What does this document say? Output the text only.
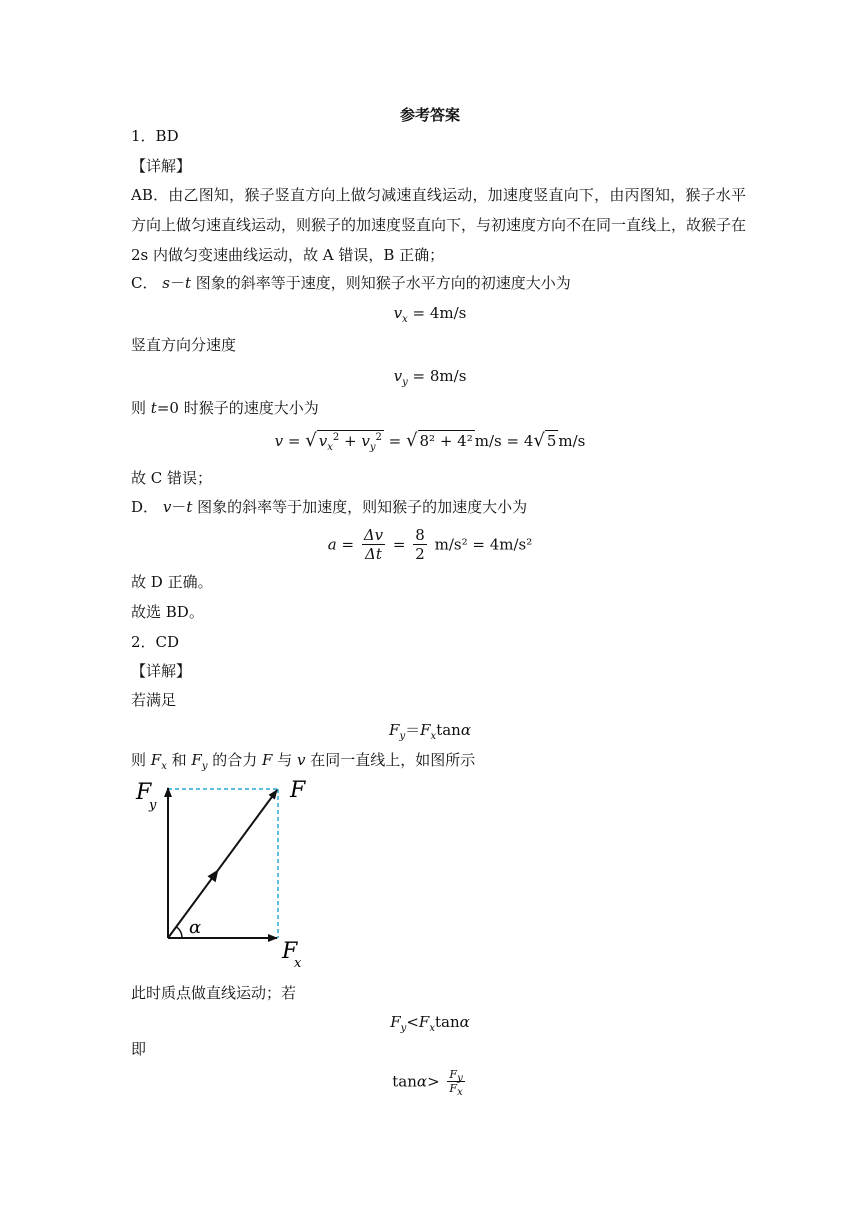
参考答案
1．BD
【详解】
AB．由乙图知，猴子竖直方向上做匀减速直线运动，加速度竖直向下，由丙图知，猴子水平方向上做匀速直线运动，则猴子的加速度竖直向下，与初速度方向不在同一直线上，故猴子在 2s 内做匀变速曲线运动，故 A 错误，B 正确；
C． s－t 图象的斜率等于速度，则知猴子水平方向的初速度大小为
$v_x = 4m/s$
竖直方向分速度
$v_y = 8m/s$
则 t=0 时猴子的速度大小为
v = √ $v_x^2 + v_y^2$ = √ 8² + 4² m/s = 4√ 5 m/s
故 C 错误；
D． v－t 图象的斜率等于加速度，则知猴子的加速度大小为
$a = \frac{\Delta v}{\Delta t} = \frac{8}{2} m/s^2 = 4m/s^2$
故 D 正确。
故选 BD。
2．CD
【详解】
若满足
$F_y=F_x\tan\alpha$
则 $F_x$ 和 $F_y$ 的合力 F 与 v 在同一直线上，如图所示
F
y
F
F
x
α
此时质点做直线运动；若
$F_y<F_x\tan\alpha$
即
$\tan\alpha> \frac{F_y}{F_x}$
